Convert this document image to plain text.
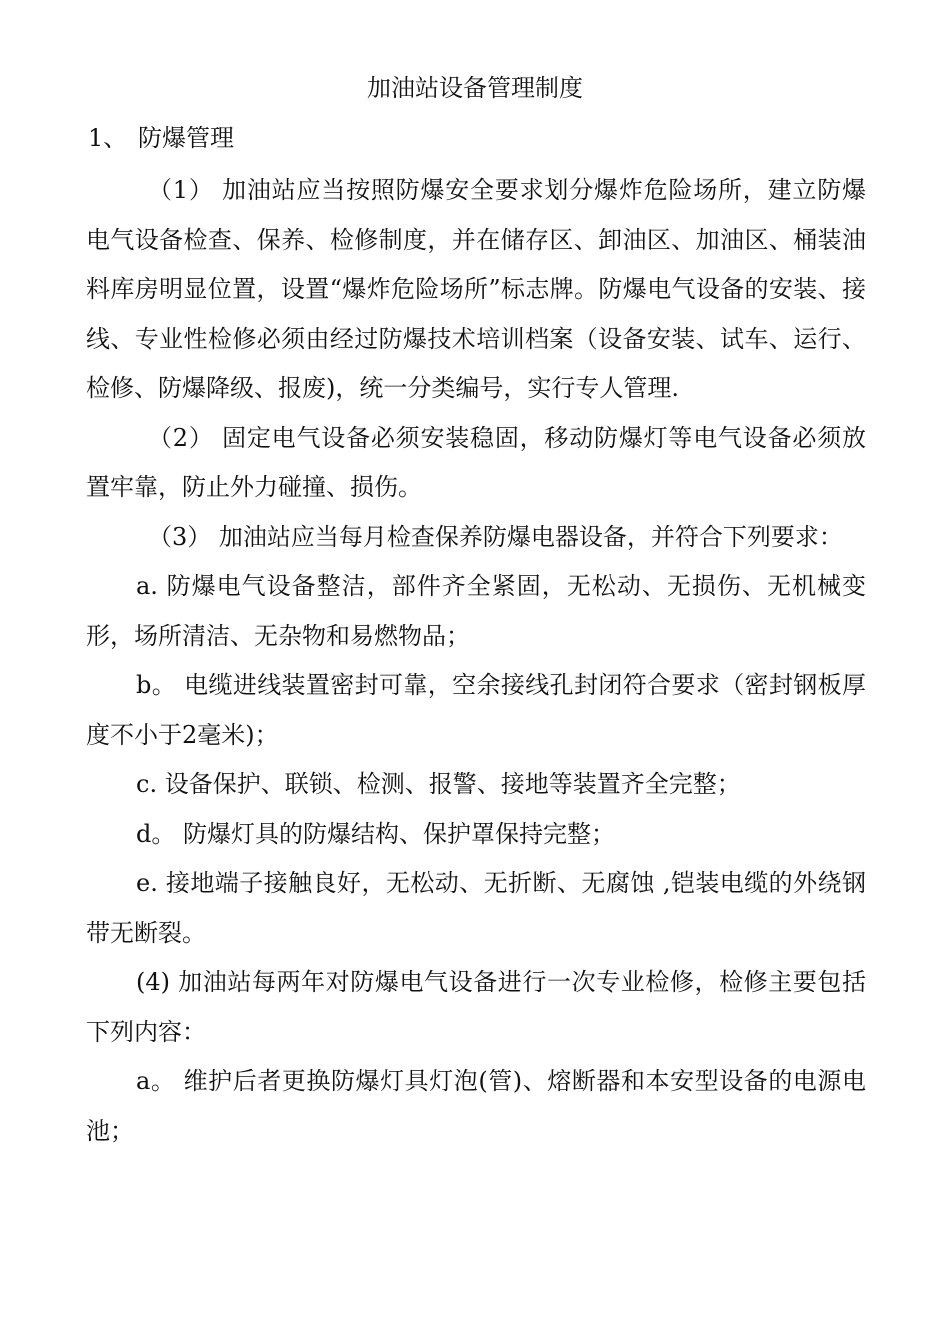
加油站设备管理制度
1、 防爆管理

（1） 加油站应当按照防爆安全要求划分爆炸危险场所，建立防爆电气设备检查、保养、检修制度，并在储存区、卸油区、加油区、桶装油料库房明显位置，设置“爆炸危险场所”标志牌。防爆电气设备的安装、接线、专业性检修必须由经过防爆技术培训档案（设备安装、试车、运行、检修、防爆降级、报废)，统一分类编号，实行专人管理.

（2） 固定电气设备必须安装稳固，移动防爆灯等电气设备必须放置牢靠，防止外力碰撞、损伤。

（3） 加油站应当每月检查保养防爆电器设备，并符合下列要求：

a. 防爆电气设备整洁，部件齐全紧固，无松动、无损伤、无机械变形，场所清洁、无杂物和易燃物品；

b。 电缆进线装置密封可靠，空余接线孔封闭符合要求（密封钢板厚度不小于2毫米)；

c. 设备保护、联锁、检测、报警、接地等装置齐全完整；

d。 防爆灯具的防爆结构、保护罩保持完整；

e. 接地端子接触良好，无松动、无折断、无腐蚀 ,铠装电缆的外绕钢带无断裂。

(4) 加油站每两年对防爆电气设备进行一次专业检修，检修主要包括下列内容：

a。 维护后者更换防爆灯具灯泡(管)、熔断器和本安型设备的电源电池；
